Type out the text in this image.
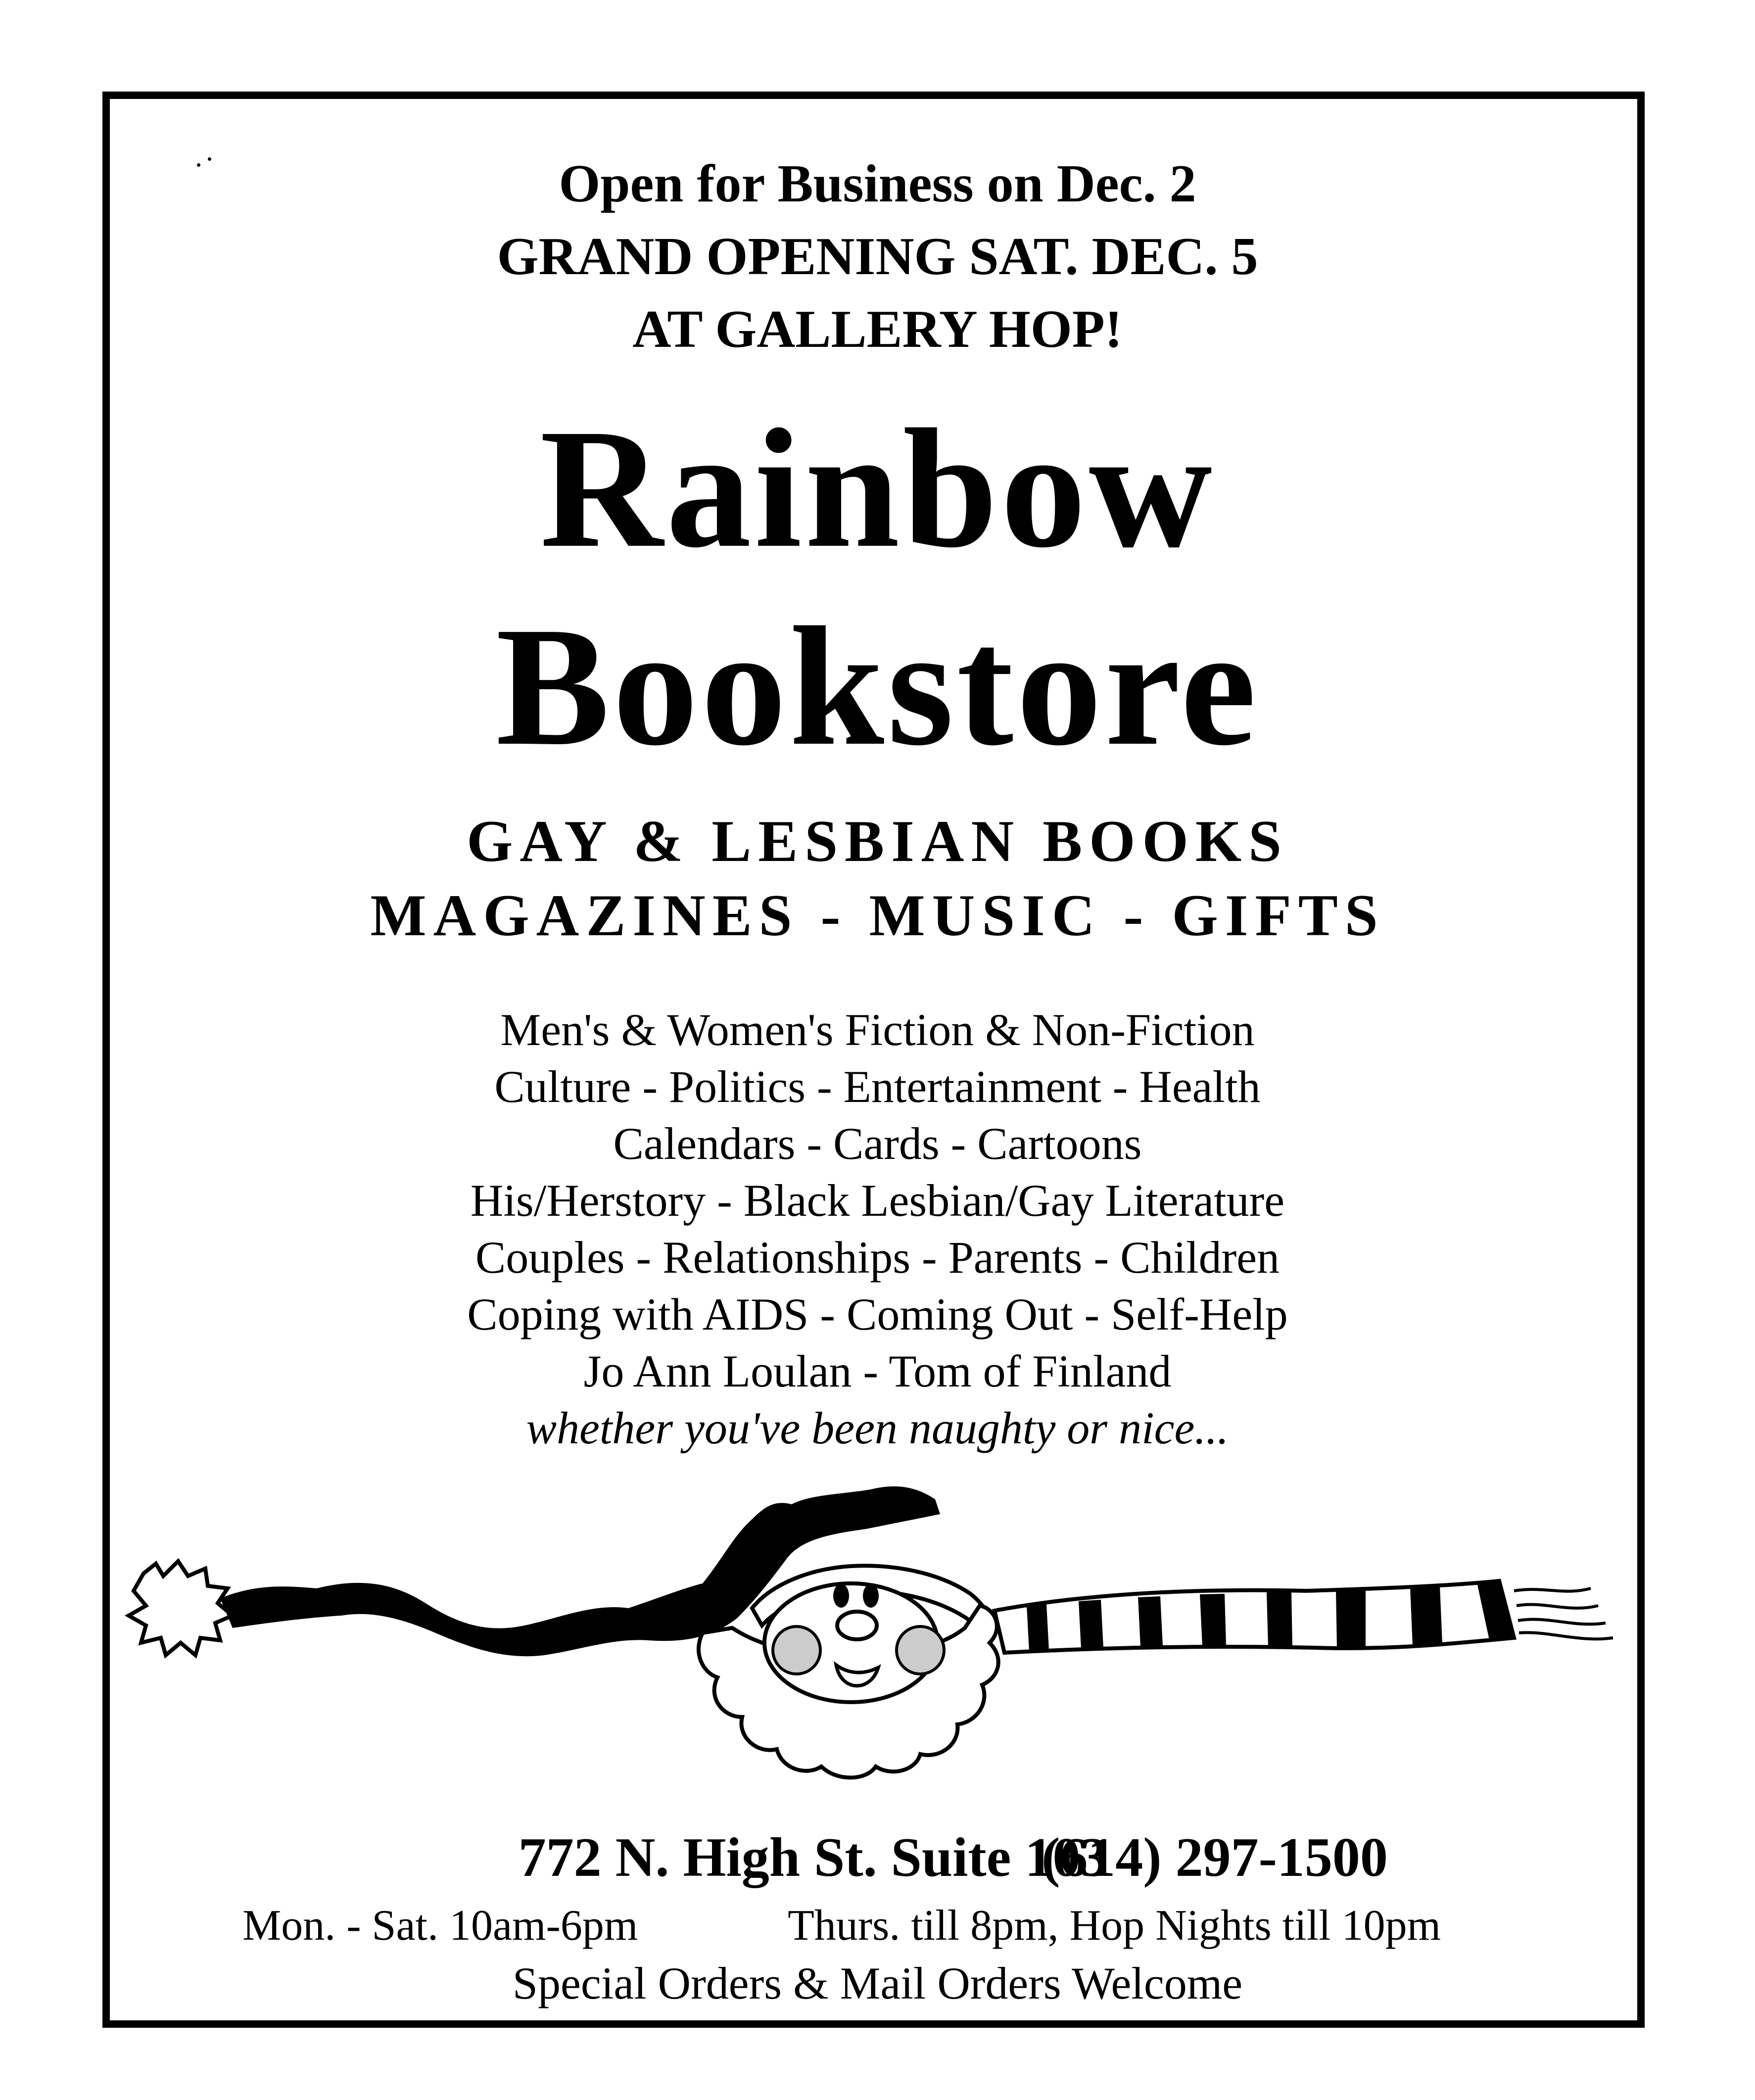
Open for Business on Dec. 2
GRAND OPENING SAT. DEC. 5
AT GALLERY HOP!
Rainbow
Bookstore
GAY & LESBIAN BOOKS
MAGAZINES - MUSIC - GIFTS
Men's & Women's Fiction & Non-Fiction
Culture - Politics - Entertainment - Health
Calendars - Cards - Cartoons
His/Herstory - Black Lesbian/Gay Literature
Couples - Relationships - Parents - Children
Coping with AIDS - Coming Out - Self-Help
Jo Ann Loulan - Tom of Finland
whether you've been naughty or nice...
772 N. High St. Suite 103
(614) 297-1500
Mon. - Sat. 10am-6pm	Thurs. till 8pm, Hop Nights till 10pm
Special Orders & Mail Orders Welcome
